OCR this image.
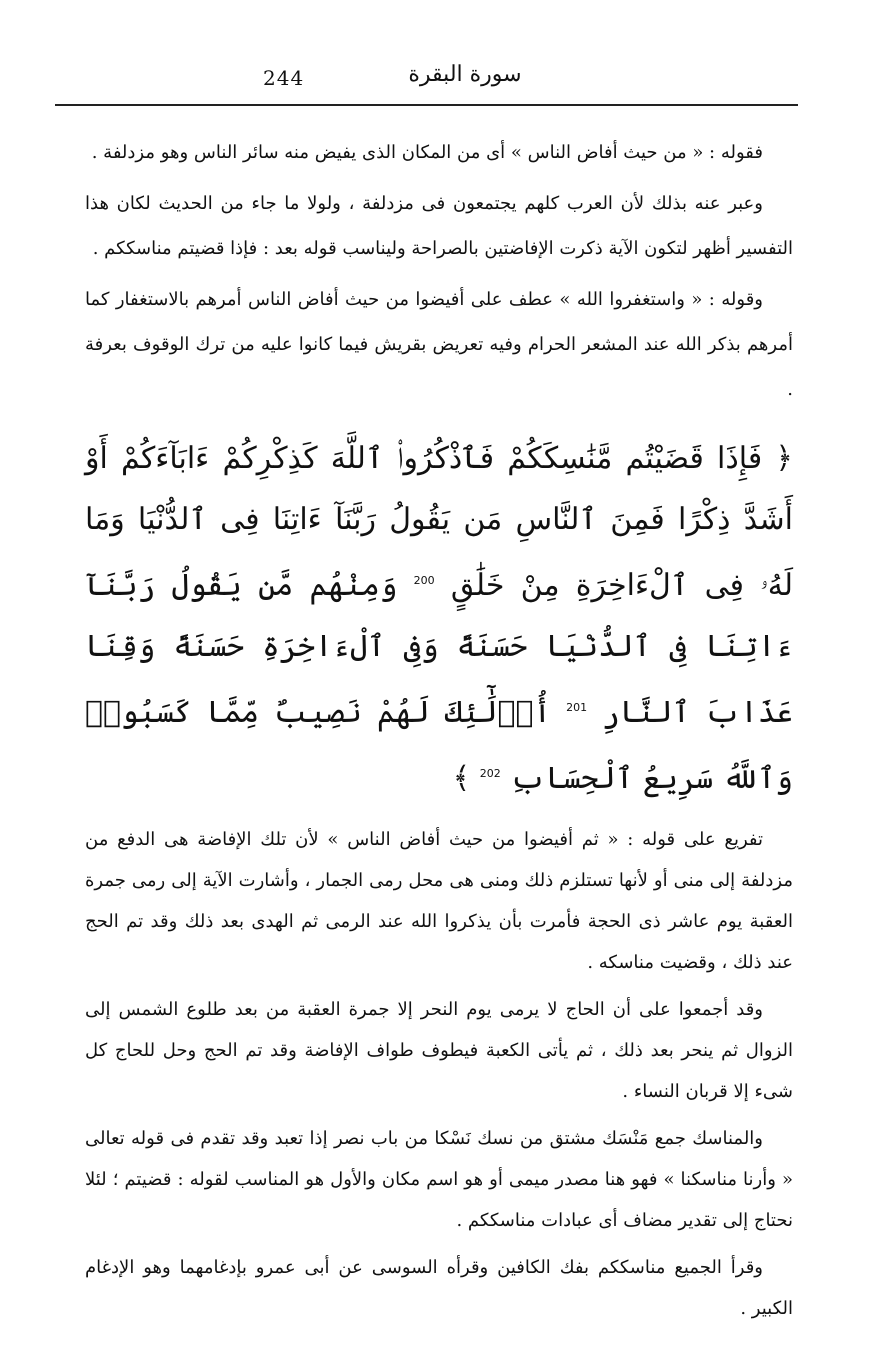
244	سورة البقرة

فقوله : « من حيث أفاض الناس » أى من المكان الذى يفيض منه سائر الناس وهو مزدلفة .

وعبر عنه بذلك لأن العرب كلهم يجتمعون فى مزدلفة ، ولولا ما جاء من الحديث لكان هذا التفسير أظهر لتكون الآية ذكرت الإفاضتين بالصراحة وليناسب قوله بعد : فإذا قضيتم مناسككم .

وقوله : « واستغفروا الله » عطف على أفيضوا من حيث أفاض الناس أمرهم بالاستغفار كما أمرهم بذكر الله عند المشعر الحرام وفيه تعريض بقريش فيما كانوا عليه من ترك الوقوف بعرفة .

﴿ فَإِذَا قَضَيْتُم مَّنَٰسِكَكُمْ فَٱذْكُرُوا۟ ٱللَّهَ كَذِكْرِكُمْ ءَابَآءَكُمْ أَوْ أَشَدَّ ذِكْرًا فَمِنَ ٱلنَّاسِ مَن يَقُولُ رَبَّنَآ ءَاتِنَا فِى ٱلدُّنْيَا وَمَا لَهُۥ فِى ٱلْءَاخِرَةِ مِنْ خَلَٰقٍ $^{200}$ وَمِنْهُم مَّن يَقُولُ رَبَّنَآ ءَاتِنَا فِى ٱلدُّنْيَا حَسَنَةً وَفِى ٱلْءَاخِرَةِ حَسَنَةً وَقِنَا عَذَابَ ٱلنَّارِ $^{201}$ أُو۟لَٰٓئِكَ لَهُمْ نَصِيبٌ مِّمَّا كَسَبُوا۟ وَٱللَّهُ سَرِيعُ ٱلْحِسَابِ $^{202}$ ﴾

تفريع على قوله : « ثم أفيضوا من حيث أفاض الناس » لأن تلك الإفاضة هى الدفع من مزدلفة إلى منى أو لأنها تستلزم ذلك ومنى هى محل رمى الجمار ، وأشارت الآية إلى رمى جمرة العقبة يوم عاشر ذى الحجة فأمرت بأن يذكروا الله عند الرمى ثم الهدى بعد ذلك وقد تم الحج عند ذلك ، وقضيت مناسكه .

وقد أجمعوا على أن الحاج لا يرمى يوم النحر إلا جمرة العقبة من بعد طلوع الشمس إلى الزوال ثم ينحر بعد ذلك ، ثم يأتى الكعبة فيطوف طواف الإفاضة وقد تم الحج وحل للحاج كل شىء إلا قربان النساء .

والمناسك جمع مَنْسَك مشتق من نسك نَسْكا من باب نصر إذا تعبد وقد تقدم فى قوله تعالى « وأرنا مناسكنا » فهو هنا مصدر ميمى أو هو اسم مكان والأول هو المناسب لقوله : قضيتم ؛ لئلا نحتاج إلى تقدير مضاف أى عبادات مناسككم .

وقرأ الجميع مناسككم بفك الكافين وقرأه السوسى عن أبى عمرو بإدغامهما وهو الإدغام الكبير .
